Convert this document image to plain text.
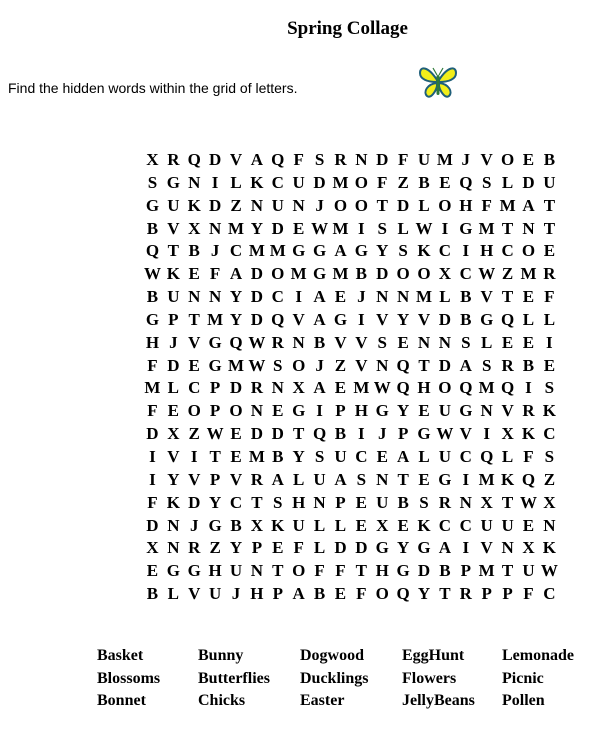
Spring Collage
Find the hidden words within the grid of letters.
X R Q D V A Q F S R N D F U M J V O E B
S G N I L K C U D M O F Z B E Q S L D U
G U K D Z N U N J O O T D L O H F M A T
B V X N M Y D E W M I S L W I G M T N T
Q T B J C M M G G A G Y S K C I H C O E
W K E F A D O M G M B D O O X C W Z M R
B U N N Y D C I A E J N N M L B V T E F
G P T M Y D Q V A G I V Y V D B G Q L L
H J V G Q W R N B V V S E N N S L E E I
F D E G M W S O J Z V N Q T D A S R B E
M L C P D R N X A E M W Q H O Q M Q I S
F E O P O N E G I P H G Y E U G N V R K
D X Z W E D D T Q B I J P G W V I X K C
I V I T E M B Y S U C E A L U C Q L F S
I Y V P V R A L U A S N T E G I M K Q Z
F K D Y C T S H N P E U B S R N X T W X
D N J G B X K U L L E X E K C C U U E N
X N R Z Y P E F L D D G Y G A I V N X K
E G G H U N T O F F T H G D B P M T U W
B L V U J H P A B E F O Q Y T R P P F C
Basket
Blossoms
Bonnet
Bunny
Butterflies
Chicks
Dogwood
Ducklings
Easter
EggHunt
Flowers
JellyBeans
Lemonade
Picnic
Pollen
